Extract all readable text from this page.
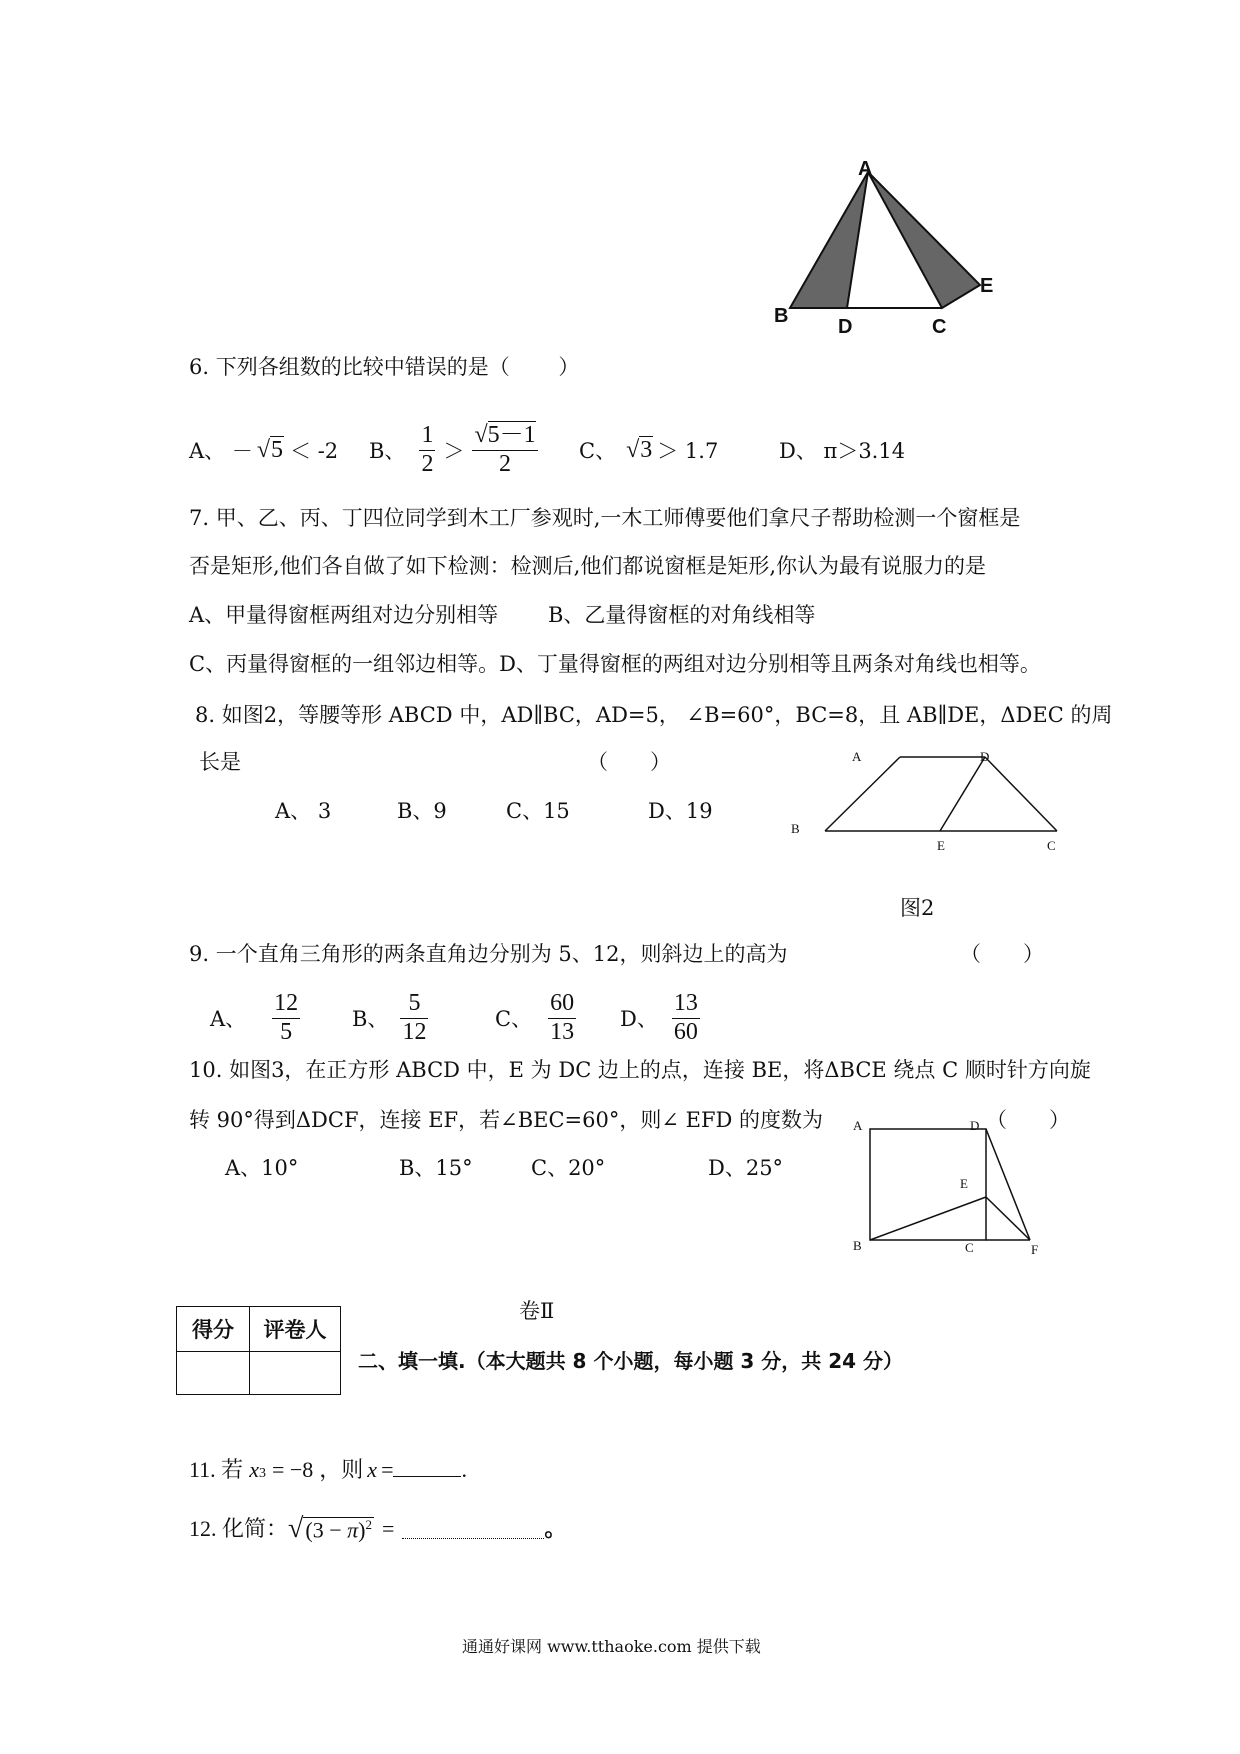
A
B D	C
E
6. 下列各组数的比较中错误的是（　　 ）
A、 － √5 ＜ -2 B、 $\frac{1}{2} > \frac{√5-1}{2}$ C、 √3 ＞ 1.7	D、 π＞3.14
7. 甲、乙、丙、丁四位同学到木工厂参观时,一木工师傅要他们拿尺子帮助检测一个窗框是
否是矩形,他们各自做了如下检测：检测后,他们都说窗框是矩形,你认为最有说服力的是
A、甲量得窗框两组对边分别相等 B、乙量得窗框的对角线相等
C、丙量得窗框的一组邻边相等。D、丁量得窗框的两组对边分别相等且两条对角线也相等。
8. 如图2，等腰等形 ABCD 中，AD∥BC，AD=5， ∠B=60°，BC=8，且 AB∥DE，ΔDEC 的周
长是	（　　）
A、 3	B、9	C、15	D、19
A	D
B
E	C
图2
9. 一个直角三角形的两条直角边分别为 5、12，则斜边上的高为	（　　）
A、 $\frac{12}{5}$ B、 $\frac{5}{12}$	C、 $\frac{60}{13}$ D、 $\frac{13}{60}$
10. 如图3，在正方形 ABCD 中，E 为 DC 边上的点，连接 BE，将ΔBCE 绕点 C 顺时针方向旋
转 90°得到ΔDCF，连接 EF，若∠BEC=60°，则∠ EFD 的度数为	（　　）
A、10°	B、15°	C、20°	D、25°
A	D
E
B	C	F
卷Ⅱ
得分	评卷人

二、填一填.（本大题共 8 个小题，每小题 3 分，共 24 分）
11. 若 x 3 = −8 ，则 x =	.
12. 化简： √ $(3 - \pi)^2$ =	。
通通好课网 www.tthaoke.com 提供下载
